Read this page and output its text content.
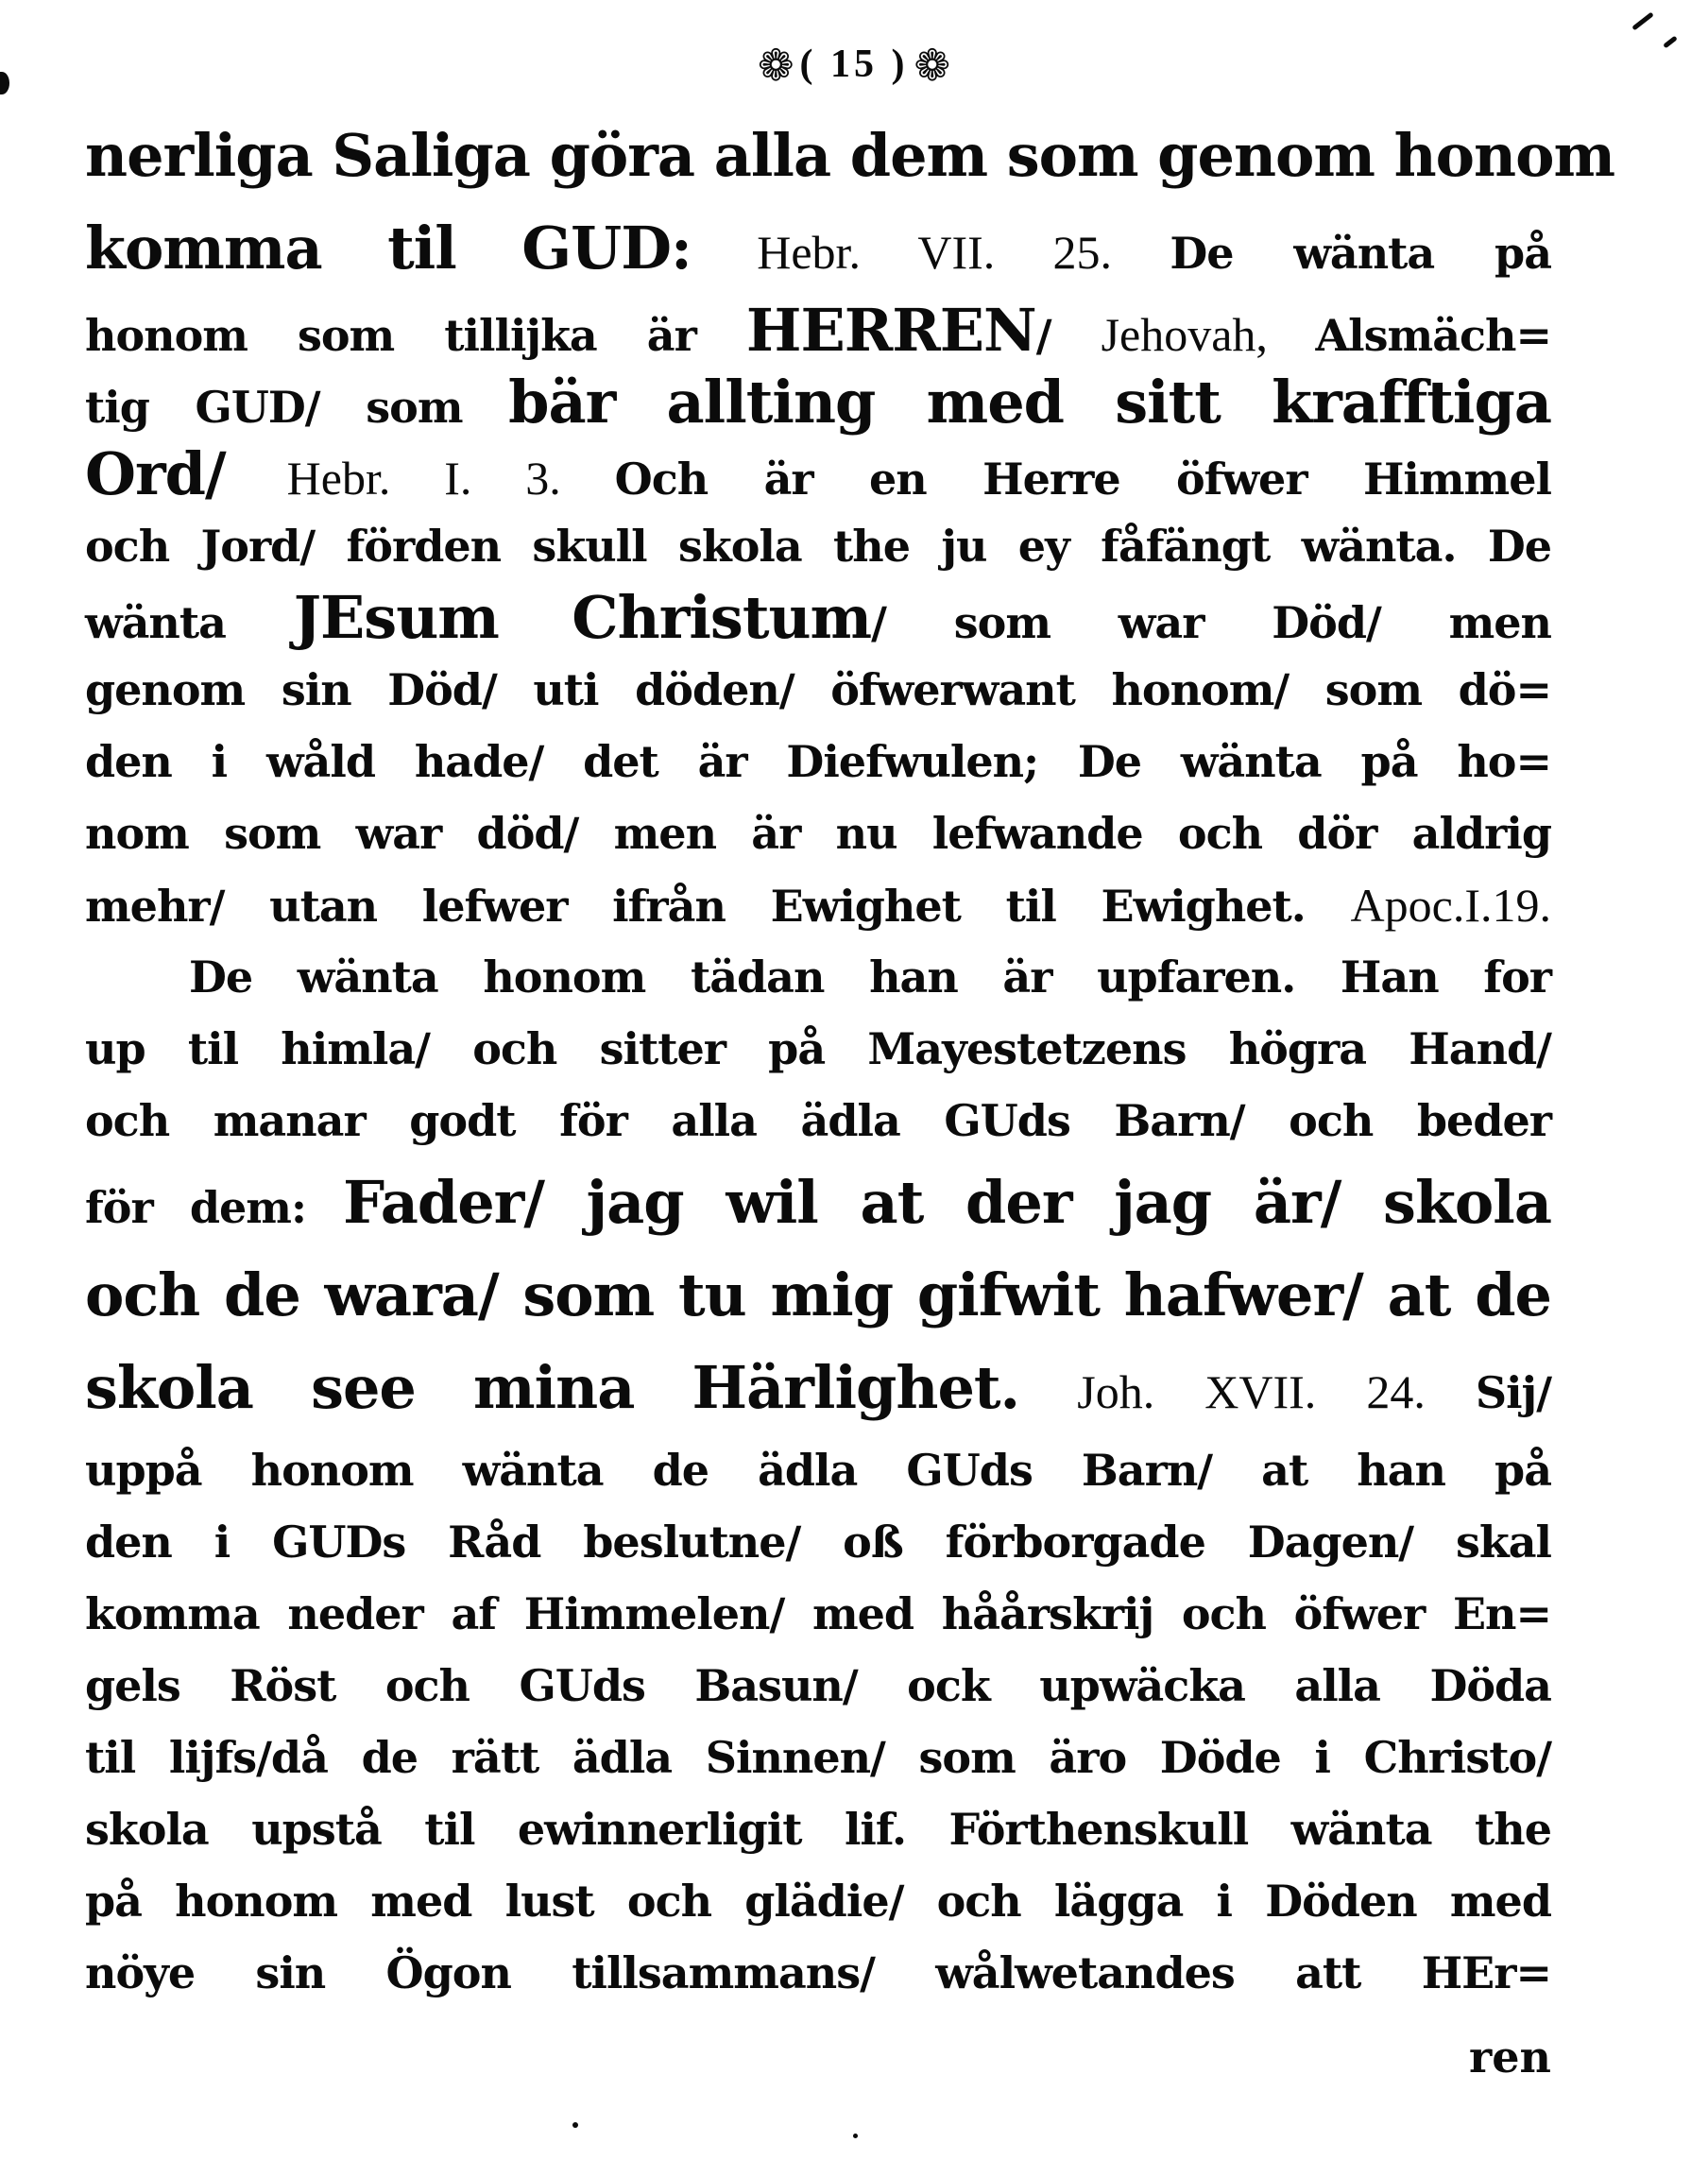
❁ ( 15 ) ❁
nerliga Saliga göra alla dem som genom honom
komma til GUD: Hebr. VII. 25. De wänta på
honom som tillijka är HERREN/ Jehovah, Alsmäch=
tig GUD/ som bär allting med sitt krafftiga
Ord/ Hebr. I. 3. Och är en Herre öfwer Himmel
och Jord/ förden skull skola the ju ey fåfängt wänta. De
wänta JEsum Christum/ som war Död/ men
genom sin Död/ uti döden/ öfwerwant honom/ som dö=
den i wåld hade/ det är Diefwulen; De wänta på ho=
nom som war död/ men är nu lefwande och dör aldrig
mehr/ utan lefwer ifrån Ewighet til Ewighet. Apoc.I.19.
De wänta honom tädan han är upfaren. Han for
up til himla/ och sitter på Mayestetzens högra Hand/
och manar godt för alla ädla GUds Barn/ och beder
för dem: Fader/ jag wil at der jag är/ skola
och de wara/ som tu mig gifwit hafwer/ at de
skola see mina Härlighet. Joh. XVII. 24. Sij/
uppå honom wänta de ädla GUds Barn/ at han på
den i GUDs Råd beslutne/ oß förborgade Dagen/ skal
komma neder af Himmelen/ med håårskrij och öfwer En=
gels Röst och GUds Basun/ ock upwäcka alla Döda
til lijfs/då de rätt ädla Sinnen/ som äro Döde i Christo/
skola upstå til ewinnerligit lif. Förthenskull wänta the
på honom med lust och glädie/ och lägga i Döden med
nöye sin Ögon tillsammans/ wålwetandes att HEr=
ren
